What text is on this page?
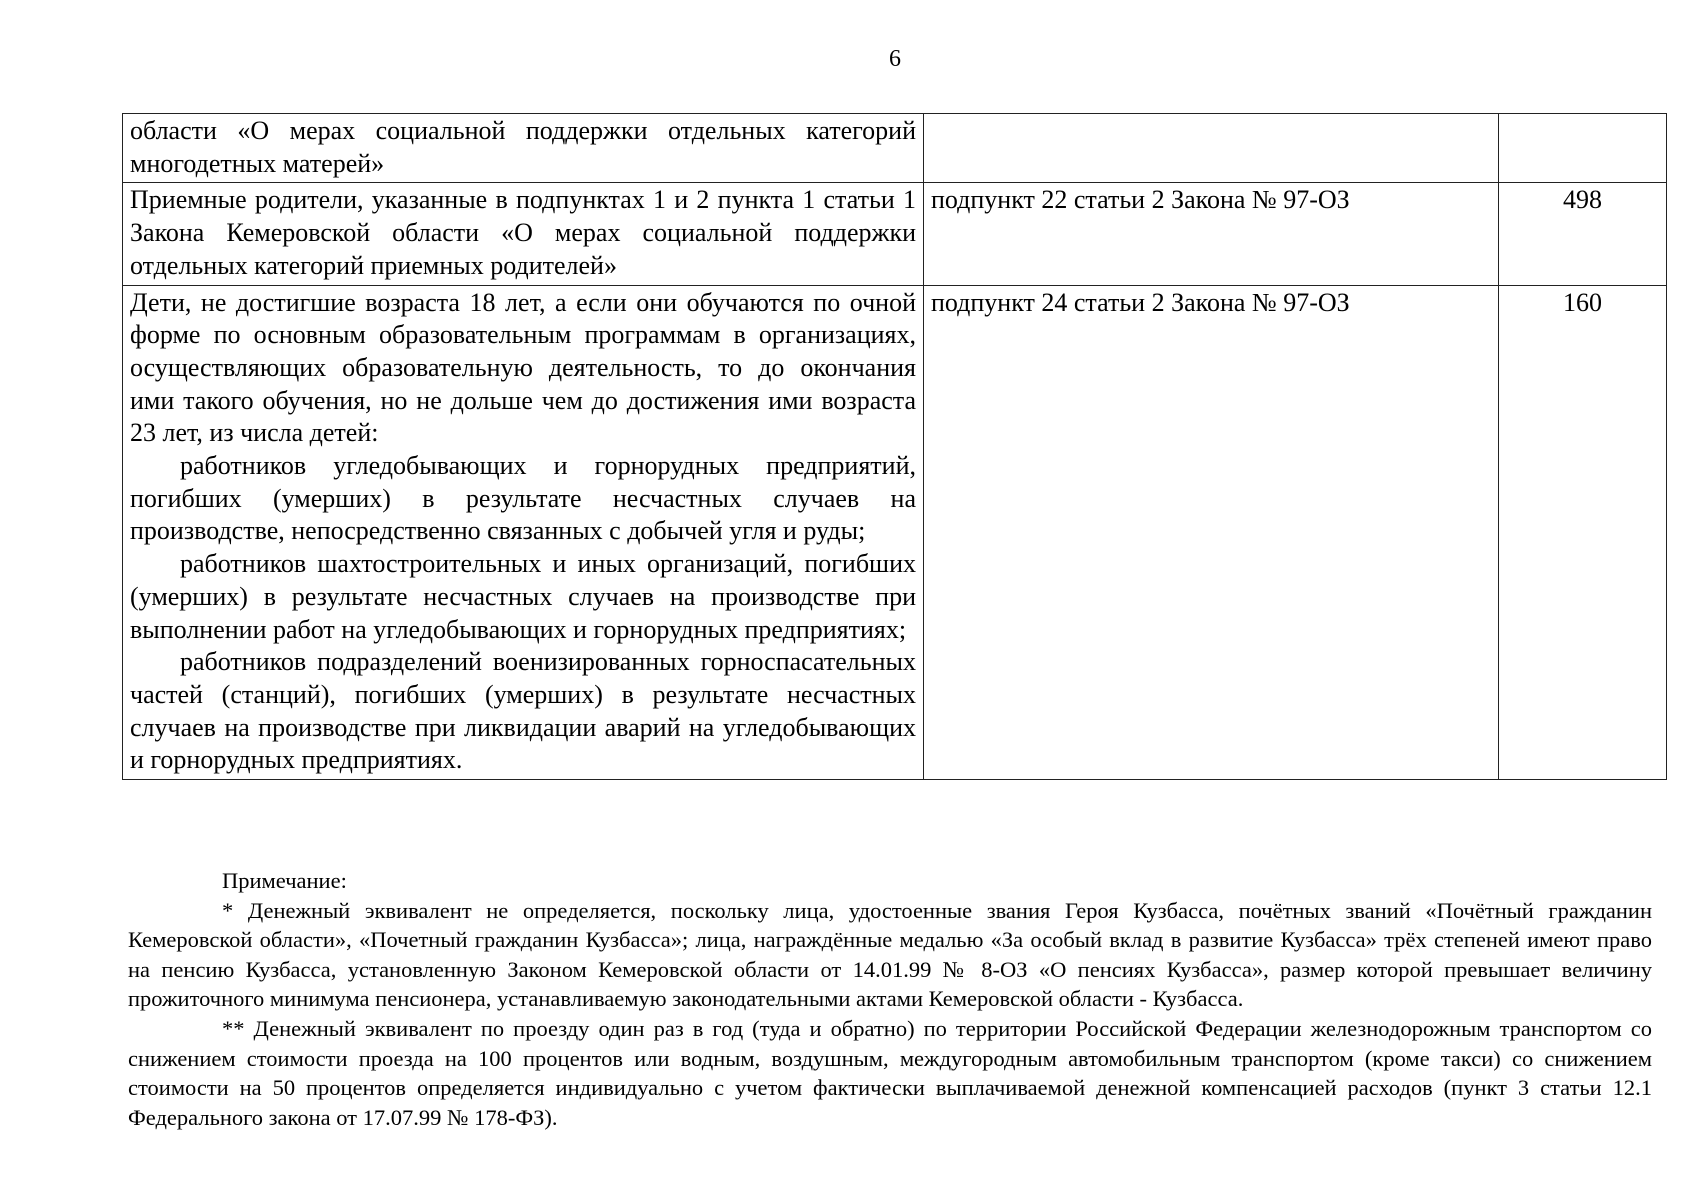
6

области «О мерах социальной поддержки отдельных категорий многодетных матерей»		

Приемные родители, указанные в подпунктах 1 и 2 пункта 1 статьи 1 Закона Кемеровской области «О мерах социальной поддержки отдельных категорий приемных родителей»	подпункт 22 статьи 2 Закона № 97-ОЗ	498

Дети, не достигшие возраста 18 лет, а если они обучаются по очной форме по основным образовательным программам в организациях, осуществляющих образовательную деятельность, то до окончания ими такого обучения, но не дольше чем до достижения ими возраста 23 лет, из числа детей:

работников угледобывающих и горнорудных предприятий, погибших (умерших) в результате несчастных случаев на производстве, непосредственно связанных с добычей угля и руды;

работников шахтостроительных и иных организаций, погибших (умерших) в результате несчастных случаев на производстве при выполнении работ на угледобывающих и горнорудных предприятиях;

работников подразделений военизированных горноспасательных частей (станций), погибших (умерших) в результате несчастных случаев на производстве при ликвидации аварий на угледобывающих и горнорудных предприятиях.	подпункт 24 статьи 2 Закона № 97-ОЗ	160

Примечание:

* Денежный эквивалент не определяется, поскольку лица, удостоенные звания Героя Кузбасса, почётных званий «Почётный гражданин Кемеровской области», «Почетный гражданин Кузбасса»; лица, награждённые медалью «За особый вклад в развитие Кузбасса» трёх степеней имеют право на пенсию Кузбасса, установленную Законом Кемеровской области от 14.01.99 № 8-ОЗ «О пенсиях Кузбасса», размер которой превышает величину прожиточного минимума пенсионера, устанавливаемую законодательными актами Кемеровской области - Кузбасса.

** Денежный эквивалент по проезду один раз в год (туда и обратно) по территории Российской Федерации железнодорожным транспортом со снижением стоимости проезда на 100 процентов или водным, воздушным, междугородным автомобильным транспортом (кроме такси) со снижением стоимости на 50 процентов определяется индивидуально с учетом фактически выплачиваемой денежной компенсацией расходов (пункт 3 статьи 12.1 Федерального закона от 17.07.99 № 178-ФЗ).
